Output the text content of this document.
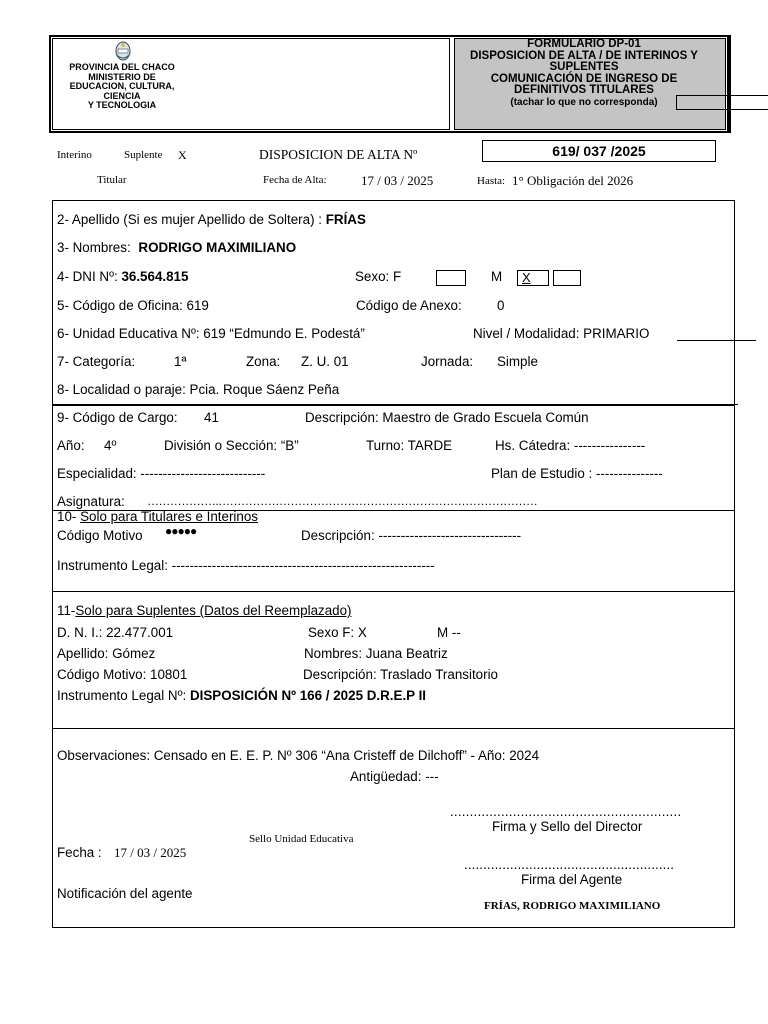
PROVINCIA DEL CHACO
MINISTERIO DE
EDUCACION, CULTURA,
CIENCIA
Y TECNOLOGIA
FORMULARIO DP-01
DISPOSICION DE ALTA / DE INTERINOS Y
SUPLENTES
COMUNICACIÓN DE INGRESO DE
DEFINITIVOS TITULARES
(tachar lo que no corresponda)
Interino	Suplente X	DISPOSICION DE ALTA Nº	619/ 037 /2025
Titular	Fecha de Alta:	17 / 03 / 2025	Hasta: 1° Obligación del 2026
2- Apellido (Si es mujer Apellido de Soltera) : FRÍAS
3- Nombres: RODRIGO MAXIMILIANO
4- DNI Nº: 36.564.815	Sexo: F	M X
5- Código de Oficina: 619	Código de Anexo:	0
6- Unidad Educativa Nº: 619 “Edmundo E. Podestá”	Nivel / Modalidad: PRIMARIO
7- Categoría:	1ª	Zona: Z. U. 01	Jornada: Simple
8- Localidad o paraje: Pcia. Roque Sáenz Peña
9- Código de Cargo: 41	Descripción: Maestro de Grado Escuela Común
Año: 4º	División o Sección: “B”	Turno: TARDE	Hs. Cátedra: ----------------
Especialidad: ----------------------------	Plan de Estudio : ---------------
Asignatura: ……………….…………………………………………………………………………
10- Solo para Titulares e Interinos
Código Motivo ●●●●●	Descripción: --------------------------------
Instrumento Legal: -----------------------------------------------------------
11-Solo para Suplentes (Datos del Reemplazado)
D. N. I.: 22.477.001	Sexo F: X	M --
Apellido: Gómez	Nombres: Juana Beatriz
Código Motivo: 10801	Descripción: Traslado Transitorio
Instrumento Legal Nº: DISPOSICIÓN Nº 166 / 2025 D.R.E.P II
Observaciones: Censado en E. E. P. Nº 306 “Ana Cristeff de Dilchoff” - Año: 2024
Antigüedad: ---
...........................................................
Firma y Sello del Director
Sello Unidad Educativa
Fecha : 17 / 03 / 2025
.......................................................
Firma del Agente
Notificación del agente
FRÍAS, RODRIGO MAXIMILIANO
